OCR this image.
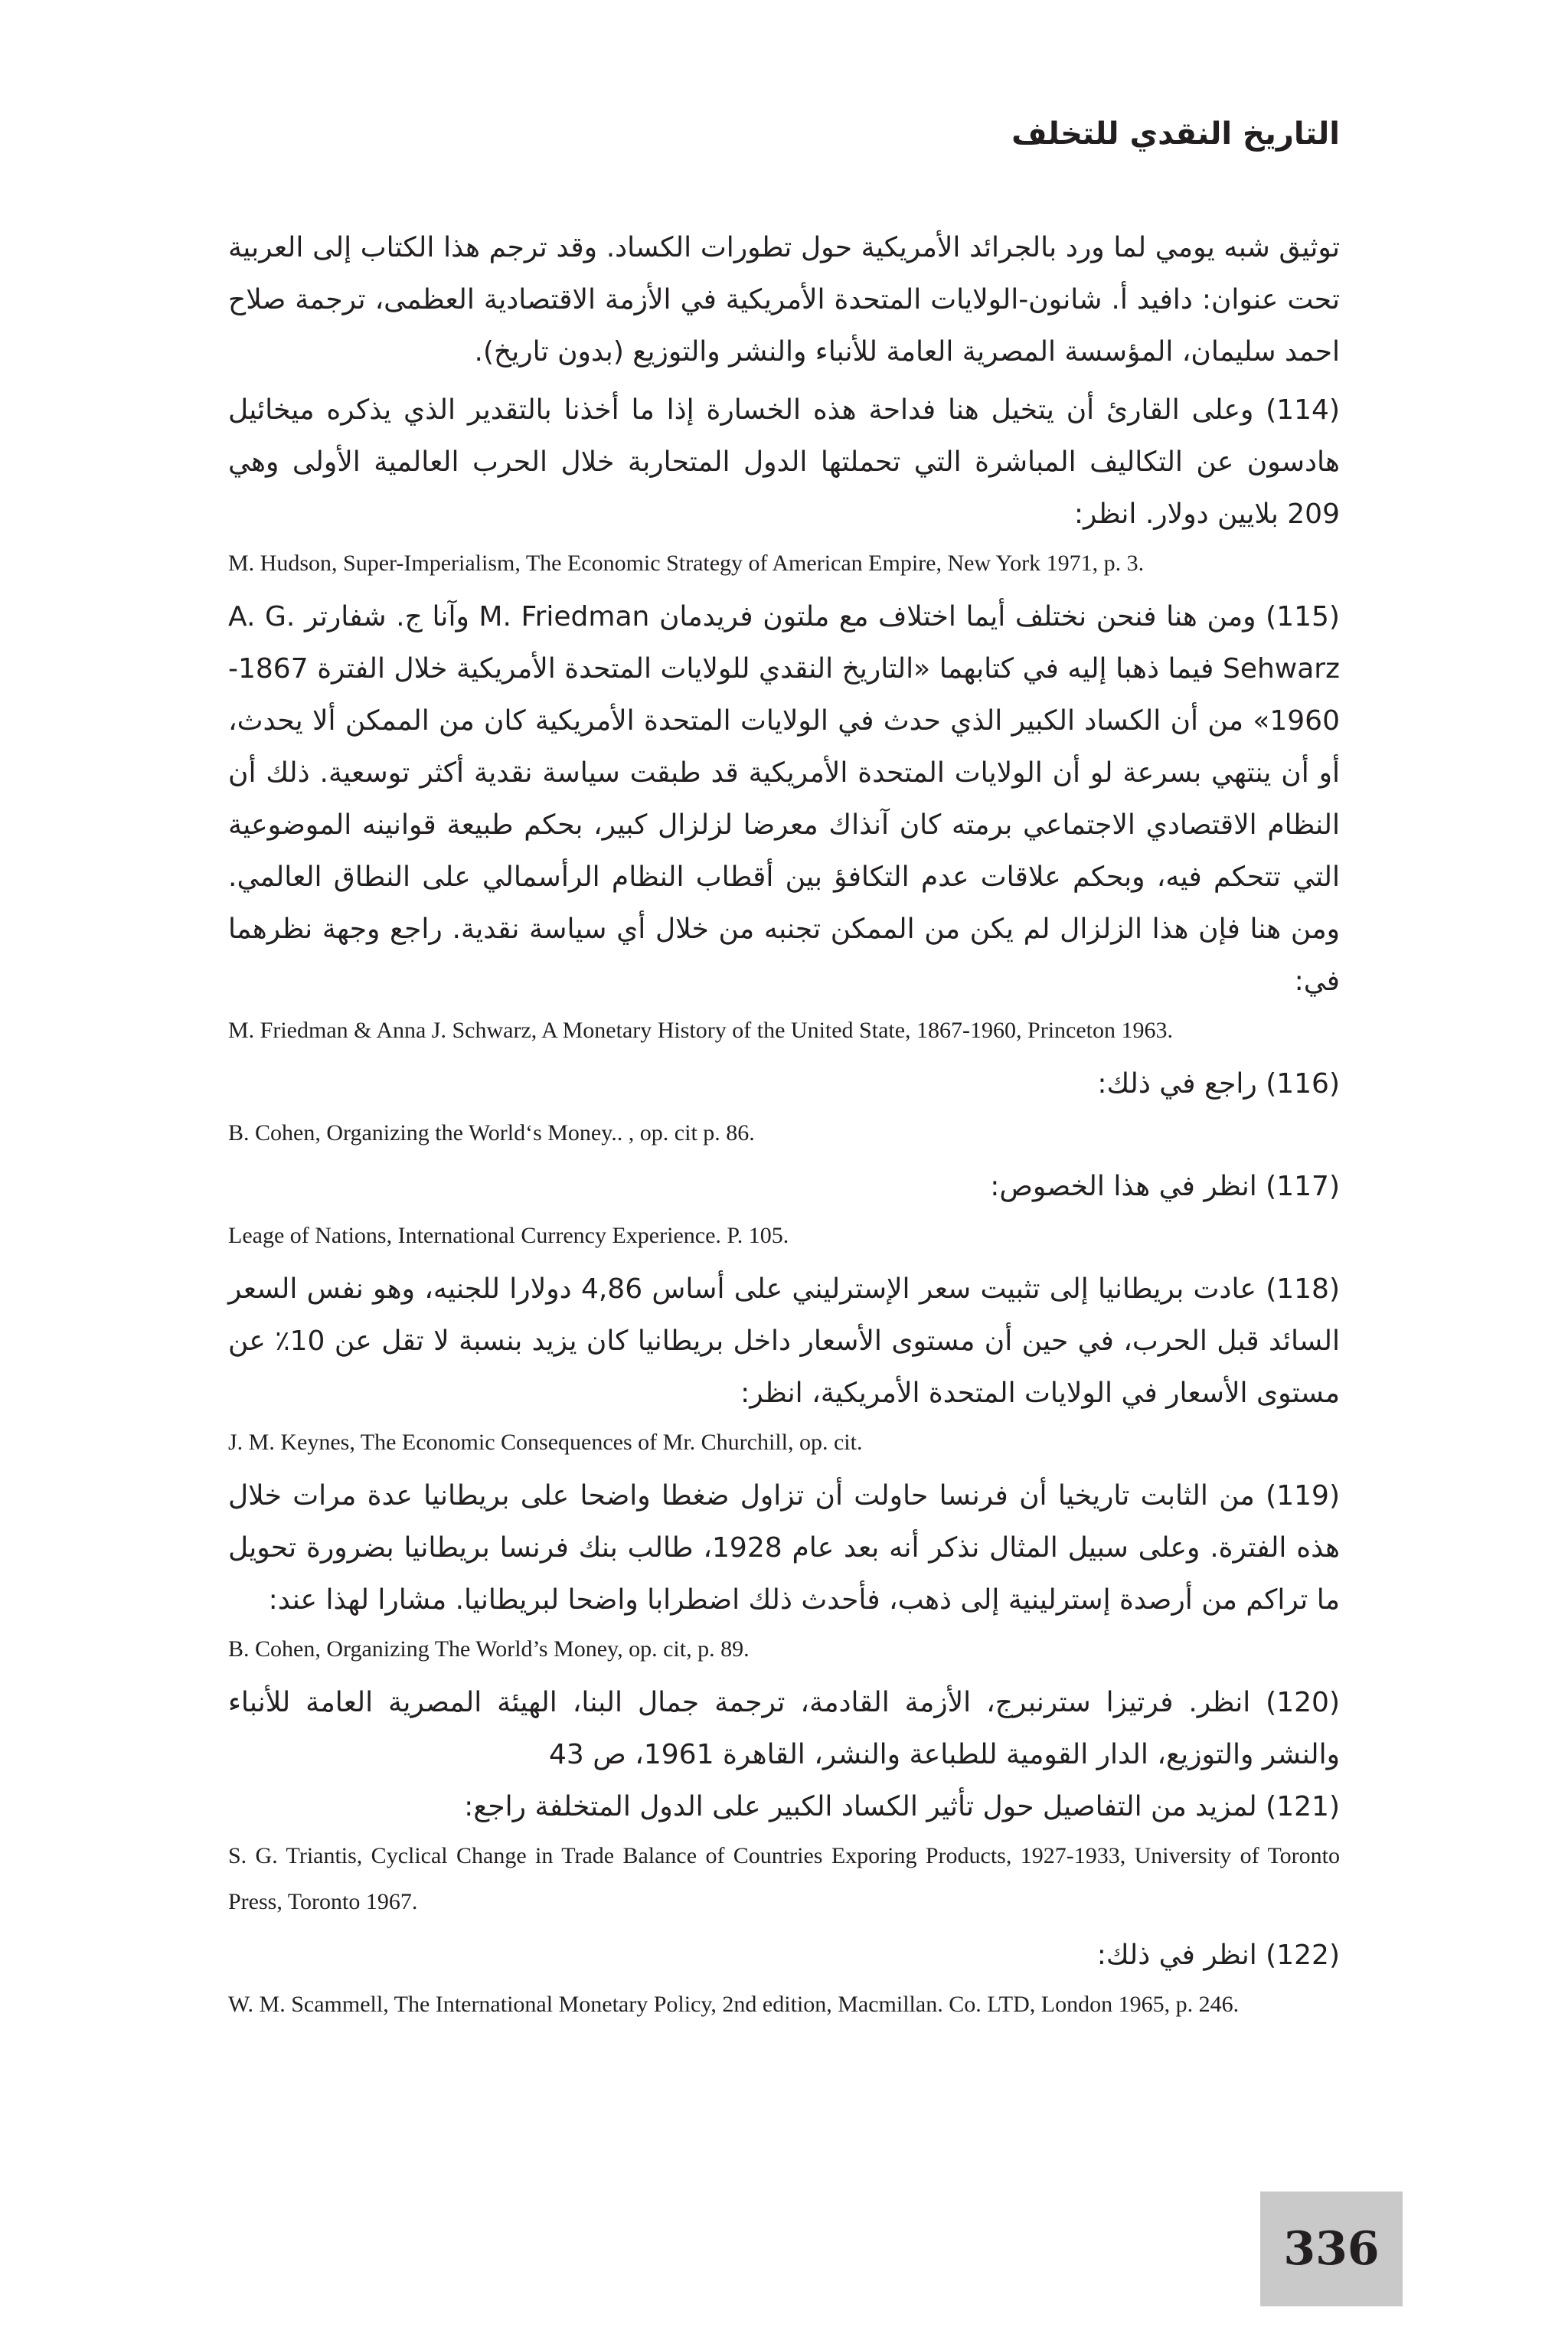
التاريخ النقدي للتخلف

توثيق شبه يومي لما ورد بالجرائد الأمريكية حول تطورات الكساد. وقد ترجم هذا الكتاب إلى العربية تحت عنوان: دافيد أ. شانون-الولايات المتحدة الأمريكية في الأزمة الاقتصادية العظمى، ترجمة صلاح احمد سليمان، المؤسسة المصرية العامة للأنباء والنشر والتوزيع (بدون تاريخ).

(114) وعلى القارئ أن يتخيل هنا فداحة هذه الخسارة إذا ما أخذنا بالتقدير الذي يذكره ميخائيل هادسون عن التكاليف المباشرة التي تحملتها الدول المتحاربة خلال الحرب العالمية الأولى وهي 209 بلايين دولار. انظر:

M. Hudson, Super-Imperialism, The Economic Strategy of American Empire, New York 1971, p. 3.

(115) ومن هنا فنحن نختلف أيما اختلاف مع ملتون فريدمان M. Friedman وآنا ج. شفارتر A. G. Sehwarz فيما ذهبا إليه في كتابهما «التاريخ النقدي للولايات المتحدة الأمريكية خلال الفترة 1867-1960» من أن الكساد الكبير الذي حدث في الولايات المتحدة الأمريكية كان من الممكن ألا يحدث، أو أن ينتهي بسرعة لو أن الولايات المتحدة الأمريكية قد طبقت سياسة نقدية أكثر توسعية. ذلك أن النظام الاقتصادي الاجتماعي برمته كان آنذاك معرضا لزلزال كبير، بحكم طبيعة قوانينه الموضوعية التي تتحكم فيه، وبحكم علاقات عدم التكافؤ بين أقطاب النظام الرأسمالي على النطاق العالمي. ومن هنا فإن هذا الزلزال لم يكن من الممكن تجنبه من خلال أي سياسة نقدية. راجع وجهة نظرهما في:

M. Friedman & Anna J. Schwarz, A Monetary History of the United State, 1867-1960, Princeton 1963.

(116) راجع في ذلك:

B. Cohen, Organizing the World‘s Money.. , op. cit p. 86.

(117) انظر في هذا الخصوص:

Leage of Nations, International Currency Experience. P. 105.

(118) عادت بريطانيا إلى تثبيت سعر الإسترليني على أساس 4,86 دولارا للجنيه، وهو نفس السعر السائد قبل الحرب، في حين أن مستوى الأسعار داخل بريطانيا كان يزيد بنسبة لا تقل عن 10٪ عن مستوى الأسعار في الولايات المتحدة الأمريكية، انظر:

J. M. Keynes, The Economic Consequences of Mr. Churchill, op. cit.

(119) من الثابت تاريخيا أن فرنسا حاولت أن تزاول ضغطا واضحا على بريطانيا عدة مرات خلال هذه الفترة. وعلى سبيل المثال نذكر أنه بعد عام 1928، طالب بنك فرنسا بريطانيا بضرورة تحويل ما تراكم من أرصدة إسترلينية إلى ذهب، فأحدث ذلك اضطرابا واضحا لبريطانيا. مشارا لهذا عند:

B. Cohen, Organizing The World’s Money, op. cit, p. 89.

(120) انظر. فرتيزا سترنبرج، الأزمة القادمة، ترجمة جمال البنا، الهيئة المصرية العامة للأنباء والنشر والتوزيع، الدار القومية للطباعة والنشر، القاهرة 1961، ص 43

(121) لمزيد من التفاصيل حول تأثير الكساد الكبير على الدول المتخلفة راجع:

S. G. Triantis, Cyclical Change in Trade Balance of Countries Exporing Products, 1927-1933, University of Toronto Press, Toronto 1967.

(122) انظر في ذلك:

W. M. Scammell, The International Monetary Policy, 2nd edition, Macmillan. Co. LTD, London 1965, p. 246.

336
